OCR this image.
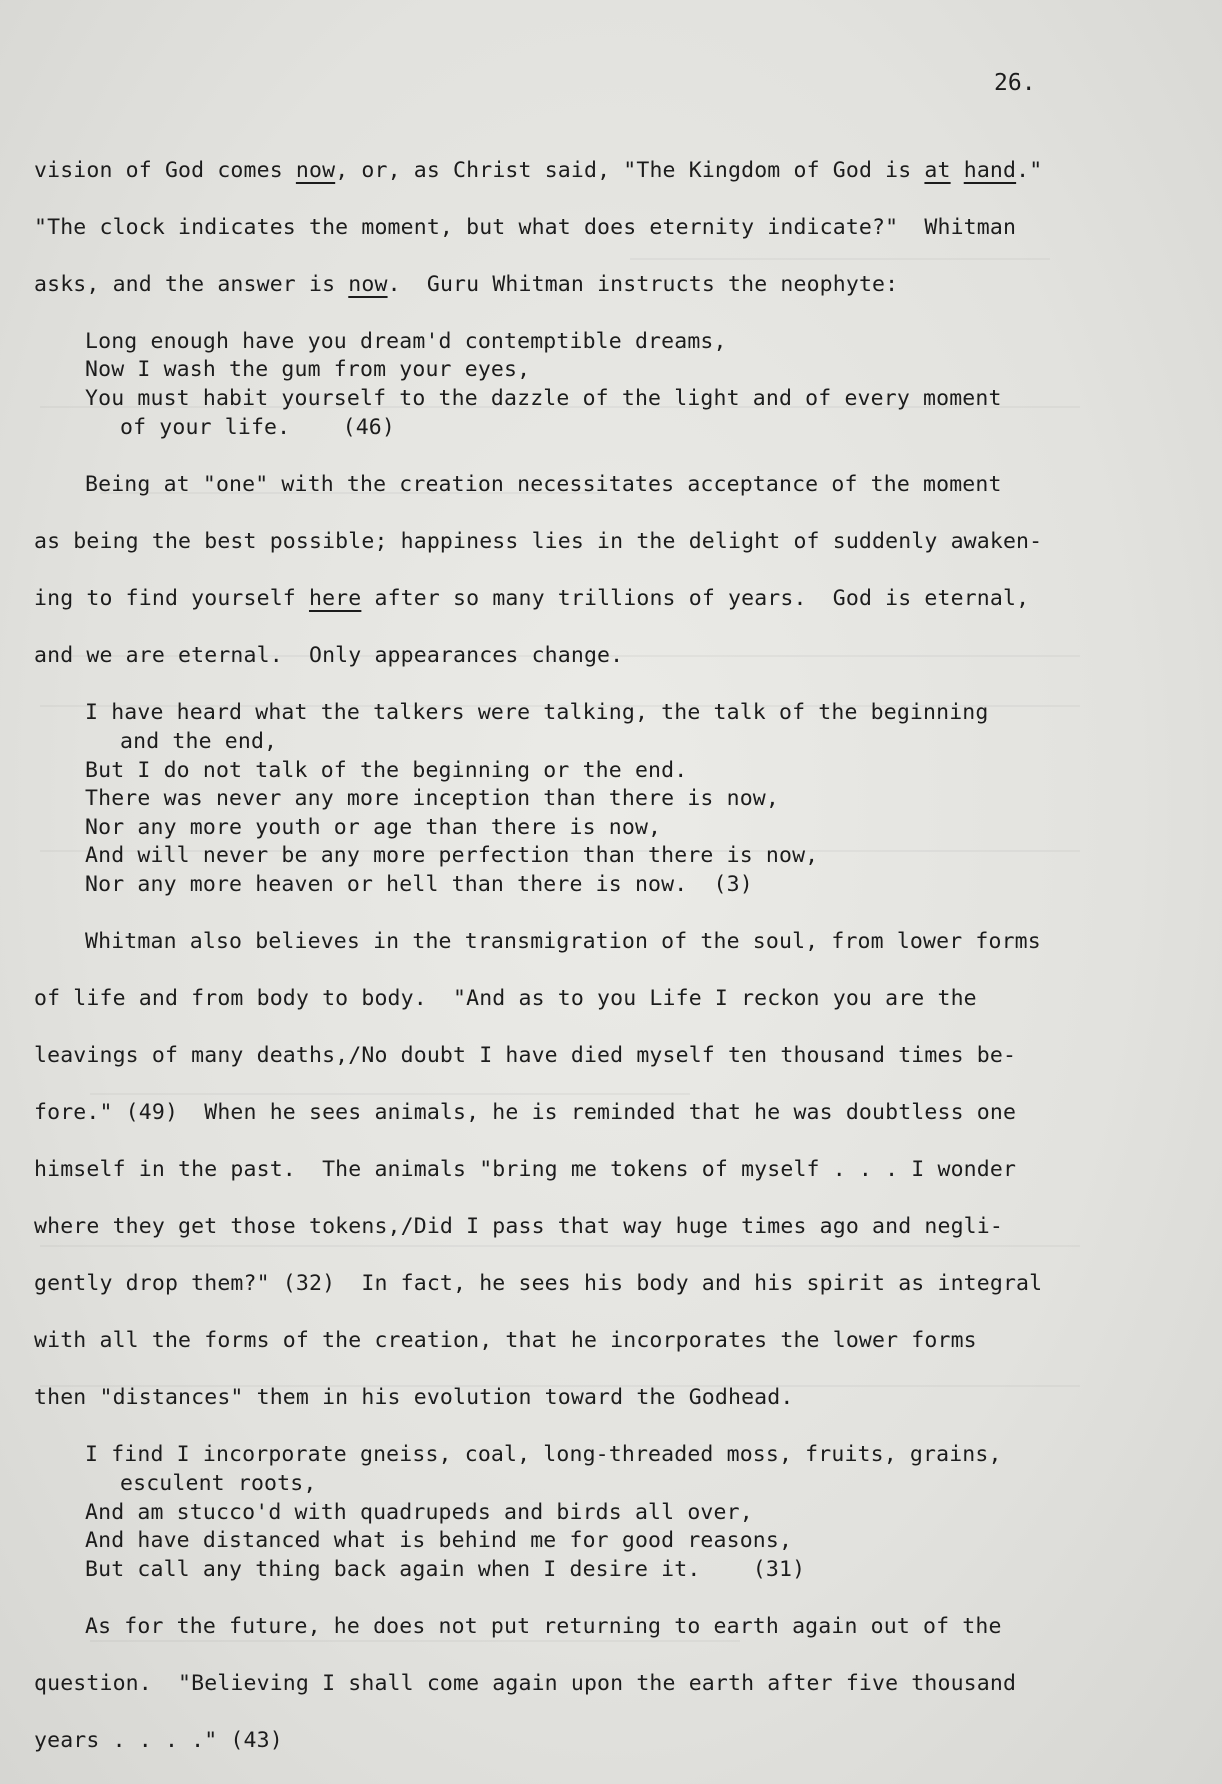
26.
vision of God comes now, or, as Christ said, "The Kingdom of God is at hand."
"The clock indicates the moment, but what does eternity indicate?"  Whitman
asks, and the answer is now.  Guru Whitman instructs the neophyte:
Long enough have you dream'd contemptible dreams,
Now I wash the gum from your eyes,
You must habit yourself to the dazzle of the light and of every moment
of your life.    (46)
Being at "one" with the creation necessitates acceptance of the moment
as being the best possible; happiness lies in the delight of suddenly awaken-
ing to find yourself here after so many trillions of years.  God is eternal,
and we are eternal.  Only appearances change.
I have heard what the talkers were talking, the talk of the beginning
and the end,
But I do not talk of the beginning or the end.
There was never any more inception than there is now,
Nor any more youth or age than there is now,
And will never be any more perfection than there is now,
Nor any more heaven or hell than there is now.  (3)
Whitman also believes in the transmigration of the soul, from lower forms
of life and from body to body.  "And as to you Life I reckon you are the
leavings of many deaths,/No doubt I have died myself ten thousand times be-
fore." (49)  When he sees animals, he is reminded that he was doubtless one
himself in the past.  The animals "bring me tokens of myself . . . I wonder
where they get those tokens,/Did I pass that way huge times ago and negli-
gently drop them?" (32)  In fact, he sees his body and his spirit as integral
with all the forms of the creation, that he incorporates the lower forms
then "distances" them in his evolution toward the Godhead.
I find I incorporate gneiss, coal, long-threaded moss, fruits, grains,
esculent roots,
And am stucco'd with quadrupeds and birds all over,
And have distanced what is behind me for good reasons,
But call any thing back again when I desire it.    (31)
As for the future, he does not put returning to earth again out of the
question.  "Believing I shall come again upon the earth after five thousand
years . . . ." (43)
